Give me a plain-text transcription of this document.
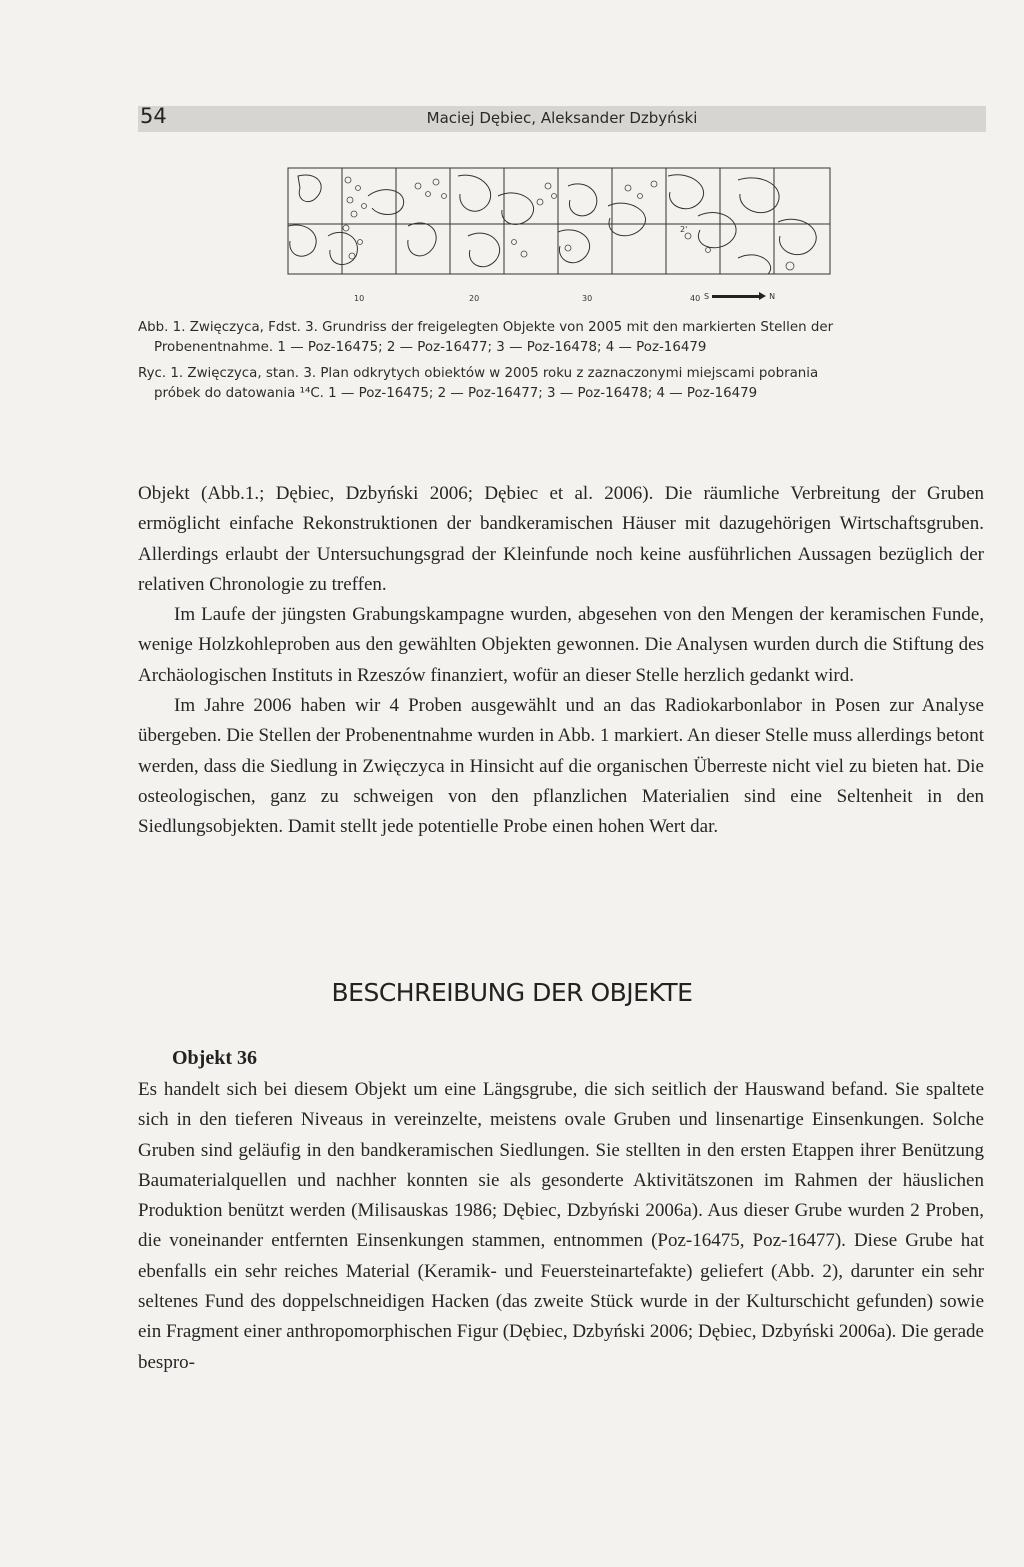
54	Maciej Dębiec, Aleksander Dzbyński
2'
10	20	30	40 S	N
Abb. 1. Zwięczyca, Fdst. 3. Grundriss der freigelegten Objekte von 2005 mit den markierten Stellen der
Probenentnahme. 1 — Poz-16475; 2 — Poz-16477; 3 — Poz-16478; 4 — Poz-16479
Ryc. 1. Zwięczyca, stan. 3. Plan odkrytych obiektów w 2005 roku z zaznaczonymi miejscami pobrania
próbek do datowania ¹⁴C. 1 — Poz-16475; 2 — Poz-16477; 3 — Poz-16478; 4 — Poz-16479

Objekt (Abb.1.; Dębiec, Dzbyński 2006; Dębiec et al. 2006). Die räumliche Verbreitung der Gruben ermöglicht einfache Rekonstruktionen der bandkeramischen Häuser mit dazugehörigen Wirtschaftsgruben. Allerdings erlaubt der Untersuchungsgrad der Kleinfunde noch keine ausführlichen Aussagen bezüglich der relativen Chronologie zu treffen.

Im Laufe der jüngsten Grabungskampagne wurden, abgesehen von den Mengen der keramischen Funde, wenige Holzkohleproben aus den gewählten Objekten gewonnen. Die Analysen wurden durch die Stiftung des Archäologischen Instituts in Rzeszów finanziert, wofür an dieser Stelle herzlich gedankt wird.

Im Jahre 2006 haben wir 4 Proben ausgewählt und an das Radiokarbonlabor in Posen zur Analyse übergeben. Die Stellen der Probenentnahme wurden in Abb. 1 markiert. An dieser Stelle muss allerdings betont werden, dass die Siedlung in Zwięczyca in Hinsicht auf die organischen Überreste nicht viel zu bieten hat. Die osteologischen, ganz zu schweigen von den pflanzlichen Materialien sind eine Seltenheit in den Siedlungsobjekten. Damit stellt jede potentielle Probe einen hohen Wert dar.

BESCHREIBUNG DER OBJEKTE
Objekt 36

Es handelt sich bei diesem Objekt um eine Längsgrube, die sich seitlich der Hauswand befand. Sie spaltete sich in den tieferen Niveaus in vereinzelte, meistens ovale Gruben und linsenartige Einsenkungen. Solche Gruben sind geläufig in den bandkeramischen Siedlungen. Sie stellten in den ersten Etappen ihrer Benützung Baumaterialquellen und nachher konnten sie als gesonderte Aktivitätszonen im Rahmen der häuslichen Produktion benützt werden (Milisauskas 1986; Dębiec, Dzbyński 2006a). Aus dieser Grube wurden 2 Proben, die voneinander entfernten Einsenkungen stammen, entnommen (Poz-16475, Poz-16477). Diese Grube hat ebenfalls ein sehr reiches Material (Keramik- und Feuersteinartefakte) geliefert (Abb. 2), darunter ein sehr seltenes Fund des doppelschneidigen Hacken (das zweite Stück wurde in der Kulturschicht gefunden) sowie ein Fragment einer anthropomorphischen Figur (Dębiec, Dzbyński 2006; Dębiec, Dzbyński 2006a). Die gerade bespro-
